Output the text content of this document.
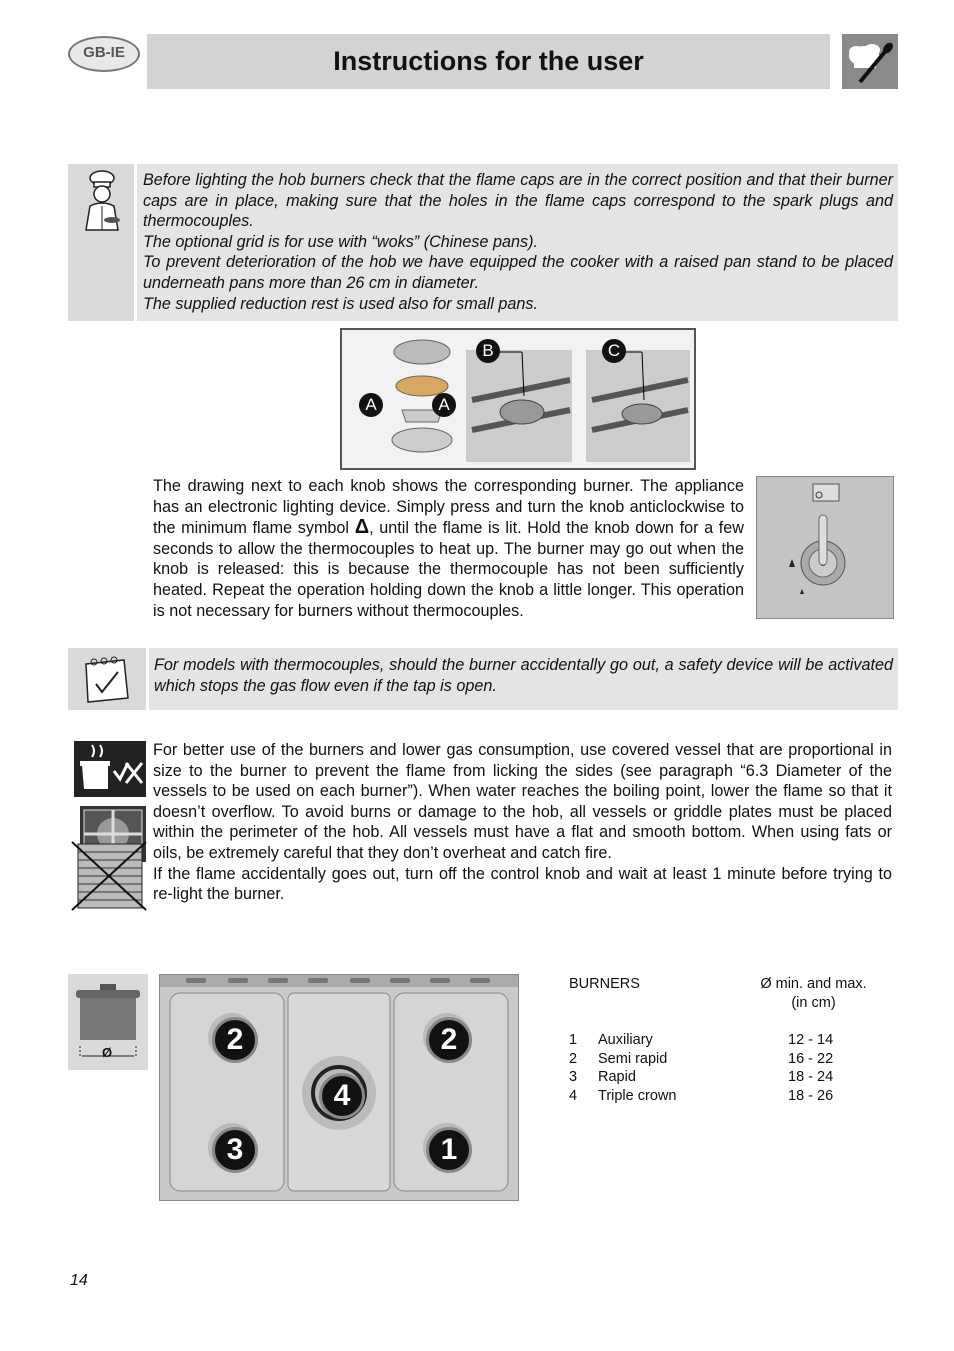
GB-IE	Instructions for the user

Before lighting the hob burners check that the flame caps are in the correct position and that their burner caps are in place, making sure that the holes in the flame caps correspond to the spark plugs and thermocouples.

The optional grid is for use with “woks” (Chinese pans).

To prevent deterioration of the hob we have equipped the cooker with a raised pan stand to be placed underneath pans more than 26 cm in diameter.

The supplied reduction rest is used also for small pans.

A	A
B	C
The drawing next to each knob shows the corresponding burner. The appliance has an electronic lighting device. Simply press and turn the knob anticlockwise to the minimum flame symbol Δ, until the flame is lit. Hold the knob down for a few seconds to allow the thermocouples to heat up. The burner may go out when the knob is released: this is because the thermocouple has not been sufficiently heated. Repeat the operation holding down the knob a little longer. This operation is not necessary for burners without thermocouples.
For models with thermocouples, should the burner accidentally go out, a safety device will be activated which stops the gas flow even if the tap is open.

For better use of the burners and lower gas consumption, use covered vessel that are proportional in size to the burner to prevent the flame from licking the sides (see paragraph “6.3 Diameter of the vessels to be used on each burner”). When water reaches the boiling point, lower the flame so that it doesn’t overflow. To avoid burns or damage to the hob, all vessels or griddle plates must be placed within the perimeter of the hob. All vessels must have a flat and smooth bottom. When using fats or oils, be extremely careful that they don’t overheat and catch fire.

If the flame accidentally goes out, turn off the control knob and wait at least 1 minute before trying to re-light the burner.

Ø	2	2
4
3	1
BURNERS	Ø min. and max.
(in cm)
1 Auxiliary	12 - 14
2 Semi rapid	16 - 22
3 Rapid	18 - 24
4 Triple crown	18 - 26
14
